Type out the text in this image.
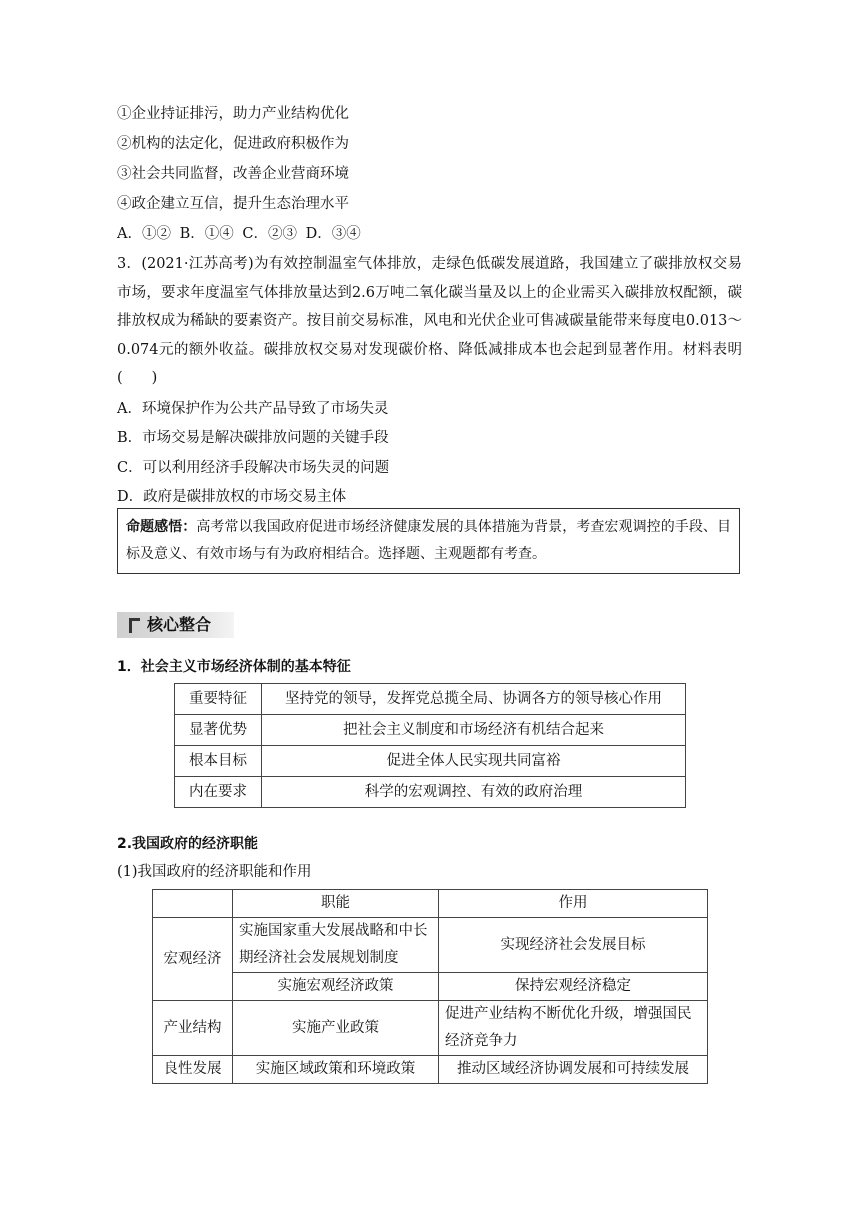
①企业持证排污，助力产业结构优化
②机构的法定化，促进政府积极作为
③社会共同监督，改善企业营商环境
④政企建立互信，提升生态治理水平
A．①② B．①④ C．②③ D．③④
3．(2021·江苏高考)为有效控制温室气体排放，走绿色低碳发展道路，我国建立了碳排放权交易市场，要求年度温室气体排放量达到2.6万吨二氧化碳当量及以上的企业需买入碳排放权配额，碳排放权成为稀缺的要素资产。按目前交易标准，风电和光伏企业可售减碳量能带来每度电0.013～0.074元的额外收益。碳排放权交易对发现碳价格、降低减排成本也会起到显著作用。材料表明(　　)
A．环境保护作为公共产品导致了市场失灵
B．市场交易是解决碳排放问题的关键手段
C．可以利用经济手段解决市场失灵的问题
D．政府是碳排放权的市场交易主体
命题感悟：高考常以我国政府促进市场经济健康发展的具体措施为背景，考查宏观调控的手段、目标及意义、有效市场与有为政府相结合。选择题、主观题都有考查。
核心整合
1．社会主义市场经济体制的基本特征
重要特征	坚持党的领导，发挥党总揽全局、协调各方的领导核心作用
显著优势	把社会主义制度和市场经济有机结合起来
根本目标	促进全体人民实现共同富裕
内在要求	科学的宏观调控、有效的政府治理
2.我国政府的经济职能
(1)我国政府的经济职能和作用
	职能	作用
宏观经济	实施国家重大发展战略和中长期经济社会发展规划制度	实现经济社会发展目标
	实施宏观经济政策	保持宏观经济稳定
产业结构	实施产业政策	促进产业结构不断优化升级，增强国民经济竞争力
良性发展	实施区域政策和环境政策	推动区域经济协调发展和可持续发展
